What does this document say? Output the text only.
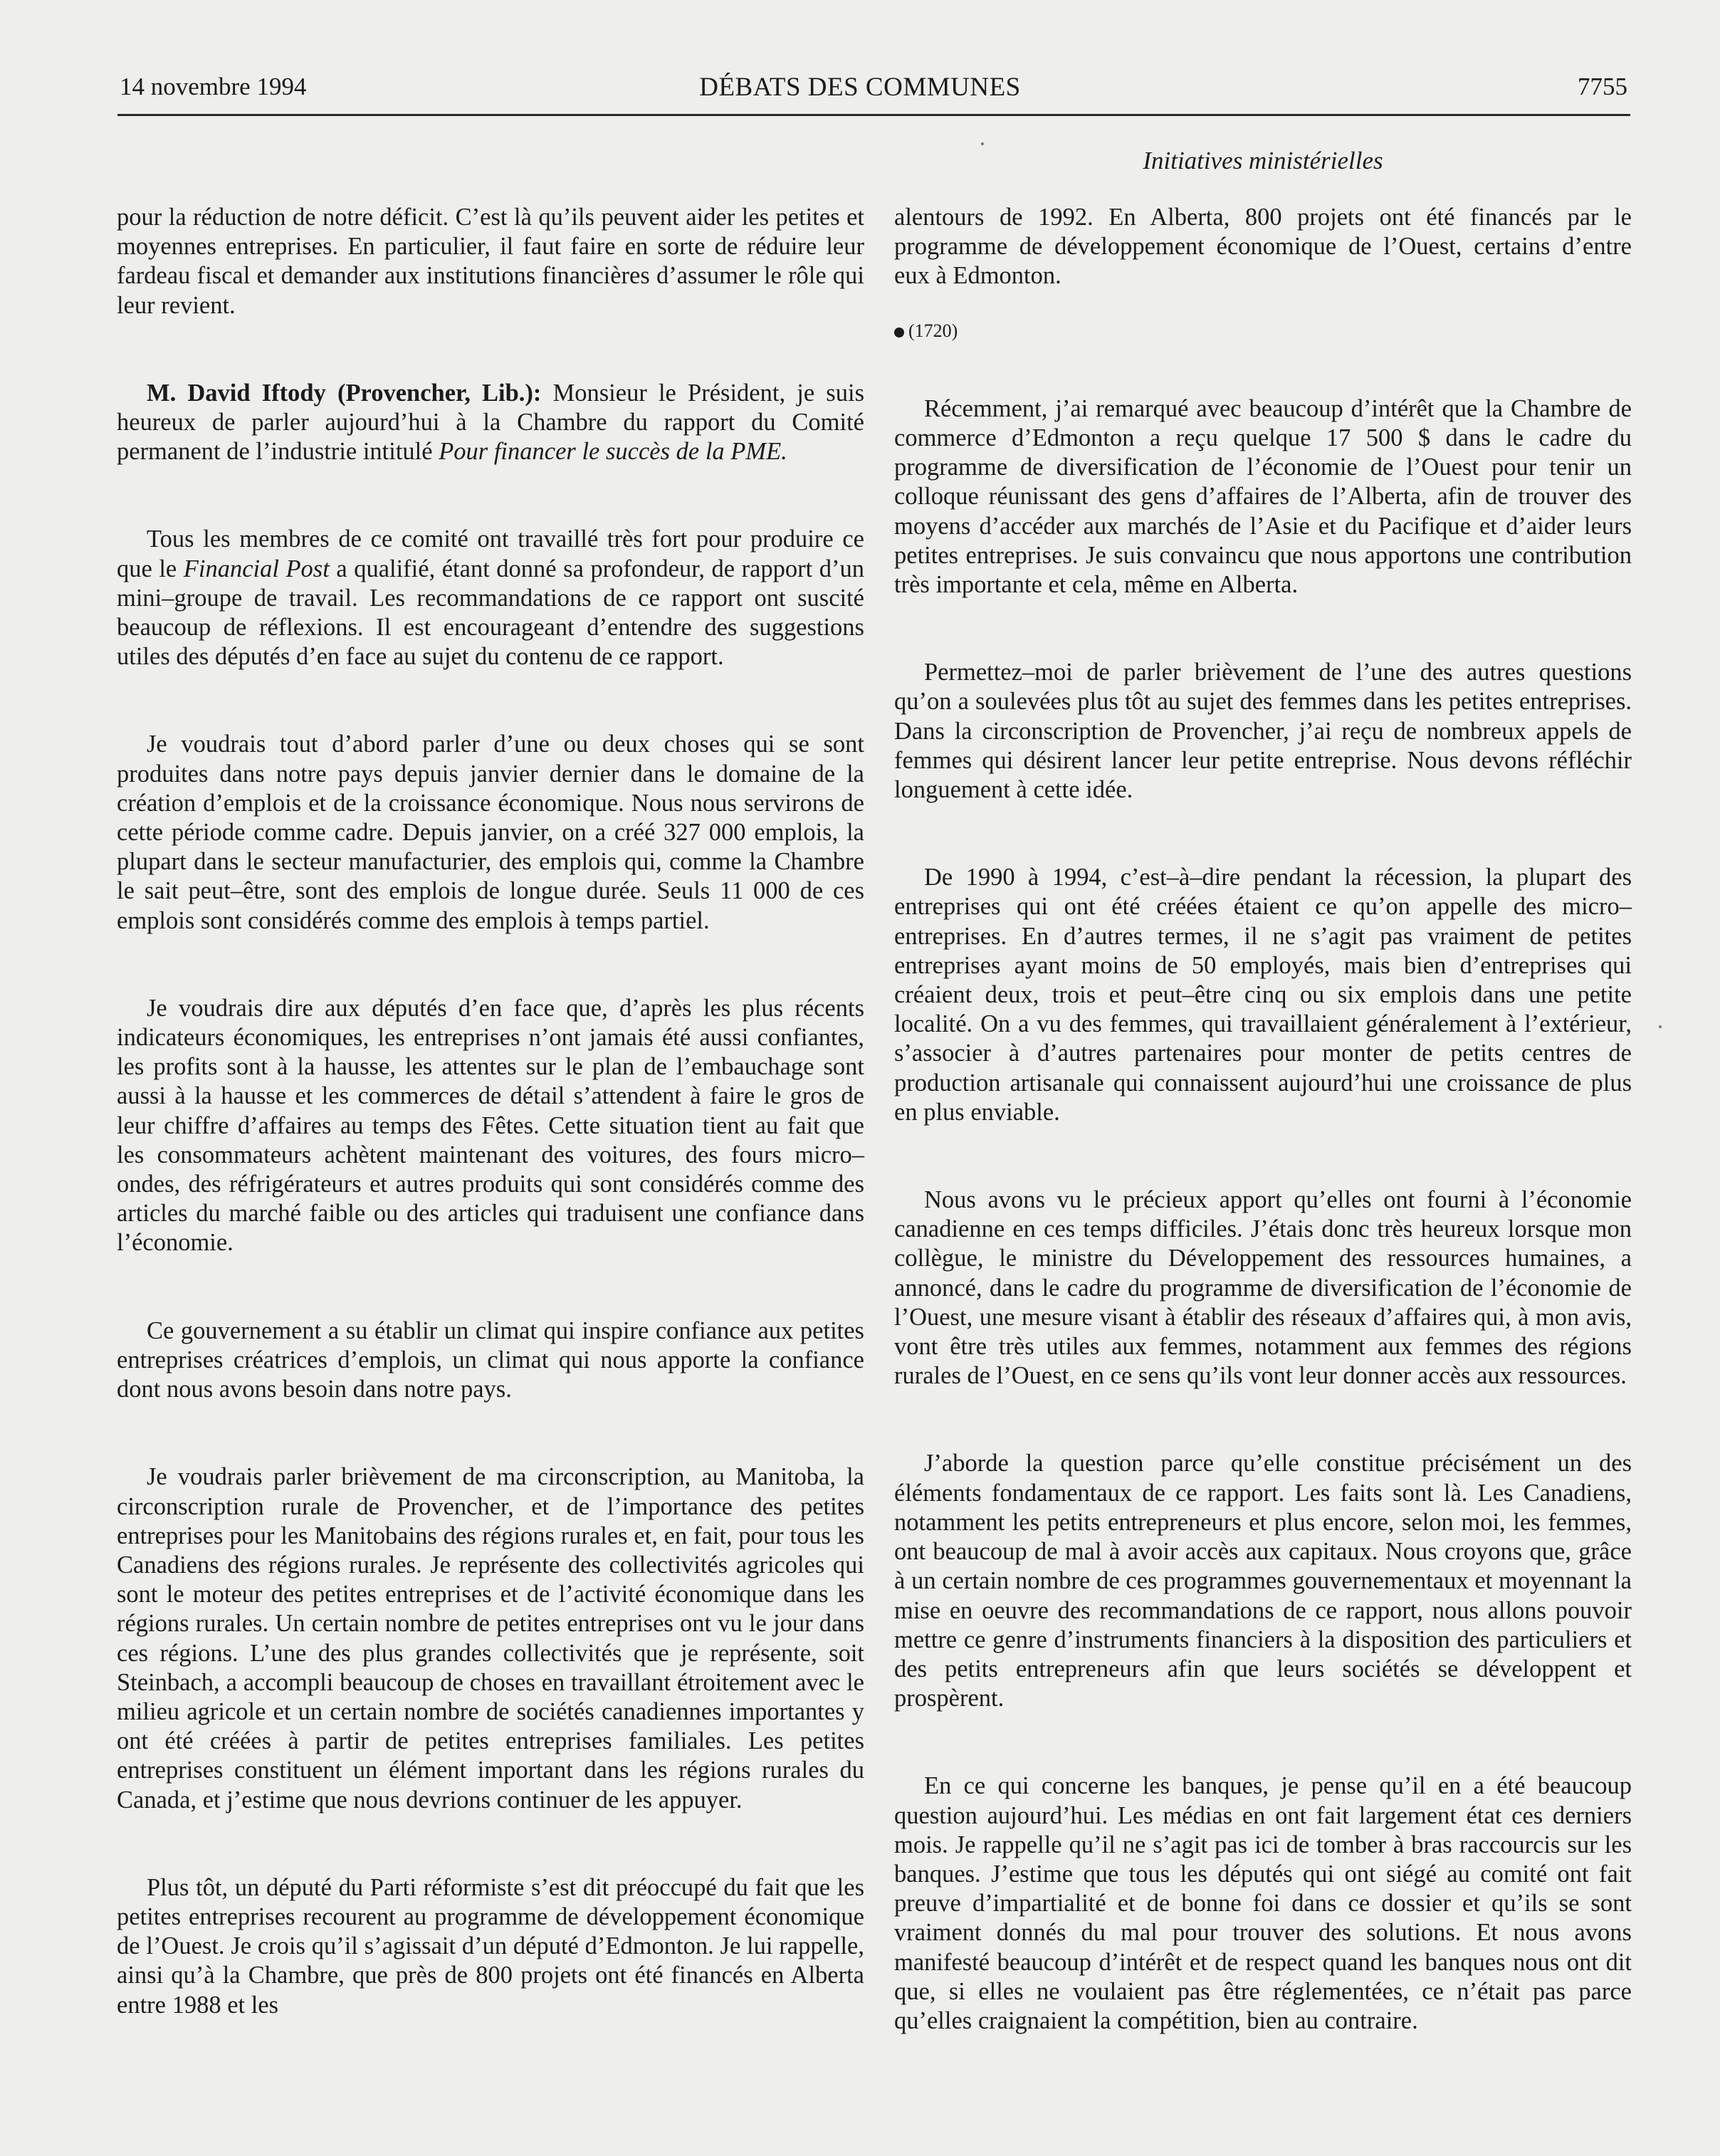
14 novembre 1994	DÉBATS DES COMMUNES	7755
Initiatives ministérielles

pour la réduction de notre déficit. C’est là qu’ils peuvent aider les petites et moyennes entreprises. En particulier, il faut faire en sorte de réduire leur fardeau fiscal et demander aux institutions financières d’assumer le rôle qui leur revient.

M. David Iftody (Provencher, Lib.): Monsieur le Président, je suis heureux de parler aujourd’hui à la Chambre du rapport du Comité permanent de l’industrie intitulé Pour financer le succès de la PME.

Tous les membres de ce comité ont travaillé très fort pour produire ce que le Financial Post a qualifié, étant donné sa profondeur, de rapport d’un mini–groupe de travail. Les recommandations de ce rapport ont suscité beaucoup de réflexions. Il est encourageant d’entendre des suggestions utiles des députés d’en face au sujet du contenu de ce rapport.

Je voudrais tout d’abord parler d’une ou deux choses qui se sont produites dans notre pays depuis janvier dernier dans le domaine de la création d’emplois et de la croissance économique. Nous nous servirons de cette période comme cadre. Depuis janvier, on a créé 327 000 emplois, la plupart dans le secteur manufacturier, des emplois qui, comme la Chambre le sait peut–être, sont des emplois de longue durée. Seuls 11 000 de ces emplois sont considérés comme des emplois à temps partiel.

Je voudrais dire aux députés d’en face que, d’après les plus récents indicateurs économiques, les entreprises n’ont jamais été aussi confiantes, les profits sont à la hausse, les attentes sur le plan de l’embauchage sont aussi à la hausse et les commerces de détail s’attendent à faire le gros de leur chiffre d’affaires au temps des Fêtes. Cette situation tient au fait que les consommateurs achètent maintenant des voitures, des fours micro–ondes, des réfrigérateurs et autres produits qui sont considérés comme des articles du marché faible ou des articles qui traduisent une confiance dans l’économie.

Ce gouvernement a su établir un climat qui inspire confiance aux petites entreprises créatrices d’emplois, un climat qui nous apporte la confiance dont nous avons besoin dans notre pays.

Je voudrais parler brièvement de ma circonscription, au Manitoba, la circonscription rurale de Provencher, et de l’importance des petites entreprises pour les Manitobains des régions rurales et, en fait, pour tous les Canadiens des régions rurales. Je représente des collectivités agricoles qui sont le moteur des petites entreprises et de l’activité économique dans les régions rurales. Un certain nombre de petites entreprises ont vu le jour dans ces régions. L’une des plus grandes collectivités que je représente, soit Steinbach, a accompli beaucoup de choses en travaillant étroitement avec le milieu agricole et un certain nombre de sociétés canadiennes importantes y ont été créées à partir de petites entreprises familiales. Les petites entreprises constituent un élément important dans les régions rurales du Canada, et j’estime que nous devrions continuer de les appuyer.

Plus tôt, un député du Parti réformiste s’est dit préoccupé du fait que les petites entreprises recourent au programme de développement économique de l’Ouest. Je crois qu’il s’agissait d’un député d’Edmonton. Je lui rappelle, ainsi qu’à la Chambre, que près de 800 projets ont été financés en Alberta entre 1988 et les

alentours de 1992. En Alberta, 800 projets ont été financés par le programme de développement économique de l’Ouest, certains d’entre eux à Edmonton.

(1720)

Récemment, j’ai remarqué avec beaucoup d’intérêt que la Chambre de commerce d’Edmonton a reçu quelque 17 500 $ dans le cadre du programme de diversification de l’économie de l’Ouest pour tenir un colloque réunissant des gens d’affaires de l’Alberta, afin de trouver des moyens d’accéder aux marchés de l’Asie et du Pacifique et d’aider leurs petites entreprises. Je suis convaincu que nous apportons une contribution très importante et cela, même en Alberta.

Permettez–moi de parler brièvement de l’une des autres questions qu’on a soulevées plus tôt au sujet des femmes dans les petites entreprises. Dans la circonscription de Provencher, j’ai reçu de nombreux appels de femmes qui désirent lancer leur petite entreprise. Nous devons réfléchir longuement à cette idée.

De 1990 à 1994, c’est–à–dire pendant la récession, la plupart des entreprises qui ont été créées étaient ce qu’on appelle des micro–entreprises. En d’autres termes, il ne s’agit pas vraiment de petites entreprises ayant moins de 50 employés, mais bien d’entreprises qui créaient deux, trois et peut–être cinq ou six emplois dans une petite localité. On a vu des femmes, qui travaillaient généralement à l’extérieur, s’associer à d’autres partenaires pour monter de petits centres de production artisanale qui connaissent aujourd’hui une croissance de plus en plus enviable.

Nous avons vu le précieux apport qu’elles ont fourni à l’économie canadienne en ces temps difficiles. J’étais donc très heureux lorsque mon collègue, le ministre du Développement des ressources humaines, a annoncé, dans le cadre du programme de diversification de l’économie de l’Ouest, une mesure visant à établir des réseaux d’affaires qui, à mon avis, vont être très utiles aux femmes, notamment aux femmes des régions rurales de l’Ouest, en ce sens qu’ils vont leur donner accès aux ressources.

J’aborde la question parce qu’elle constitue précisément un des éléments fondamentaux de ce rapport. Les faits sont là. Les Canadiens, notamment les petits entrepreneurs et plus encore, selon moi, les femmes, ont beaucoup de mal à avoir accès aux capitaux. Nous croyons que, grâce à un certain nombre de ces programmes gouvernementaux et moyennant la mise en oeuvre des recommandations de ce rapport, nous allons pouvoir mettre ce genre d’instruments financiers à la disposition des particuliers et des petits entrepreneurs afin que leurs sociétés se développent et prospèrent.

En ce qui concerne les banques, je pense qu’il en a été beaucoup question aujourd’hui. Les médias en ont fait largement état ces derniers mois. Je rappelle qu’il ne s’agit pas ici de tomber à bras raccourcis sur les banques. J’estime que tous les députés qui ont siégé au comité ont fait preuve d’impartialité et de bonne foi dans ce dossier et qu’ils se sont vraiment donnés du mal pour trouver des solutions. Et nous avons manifesté beaucoup d’intérêt et de respect quand les banques nous ont dit que, si elles ne voulaient pas être réglementées, ce n’était pas parce qu’elles craignaient la compétition, bien au contraire.
